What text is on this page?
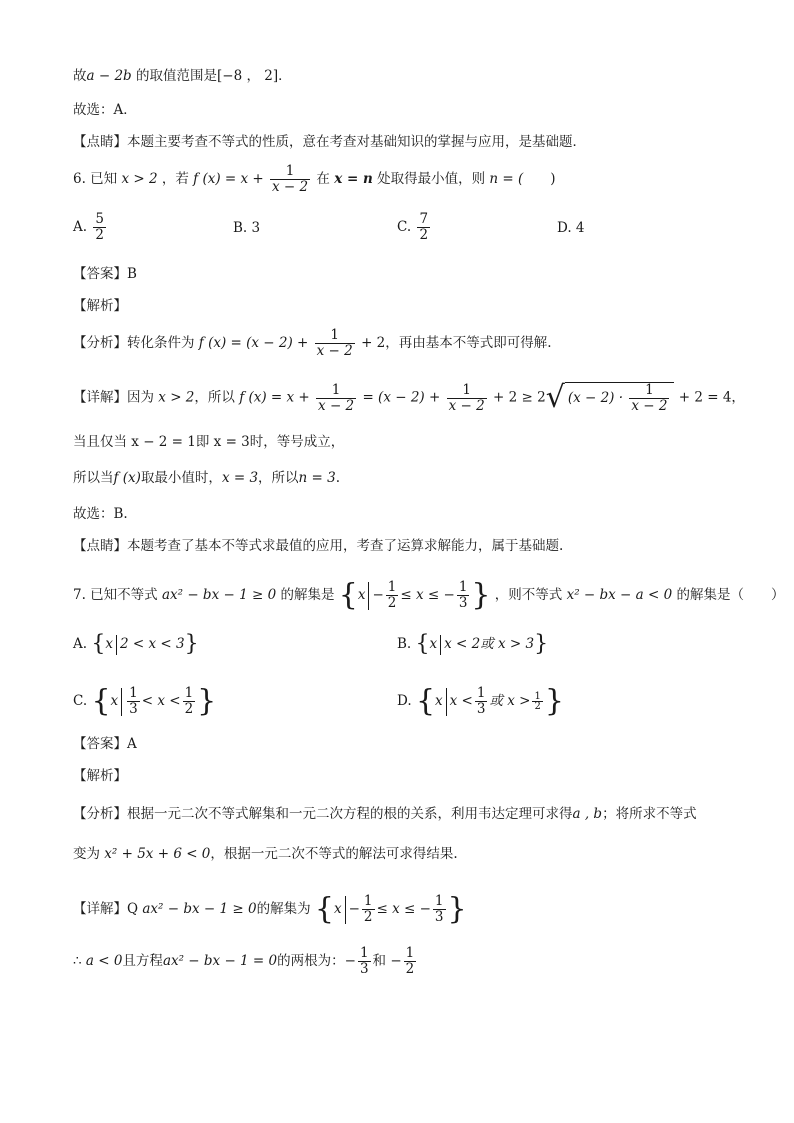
故a − 2b 的取值范围是[−8 ， 2]．
故选：A．
【点睛】本题主要考查不等式的性质，意在考查对基础知识的掌握与应用，是基础题．
6. 已知 x > 2 ，若 f $(x) = x + \frac{1}{x - 2}$ 在 x = n 处取得最小值，则 n = (　　)
A. $\frac{5}{2}$	B. 3	C. $\frac{7}{2}$	D. 4
【答案】B
【解析】
【分析】转化条件为 f $(x) = (x - 2) + \frac{1}{x - 2} + 2$，再由基本不等式即可得解.
【详解】因为 x > 2，所以 f $(x) = x + \frac{1}{x - 2} = (x - 2) + \frac{1}{x - 2} + 2 \ge 2√$ $(x - 2) \cdot \frac{1}{x - 2} + 2 = 4$，
当且仅当 x − 2 = 1即 x = 3时，等号成立，
所以当f (x)取最小值时，x = 3，所以n = 3.
故选：B.
【点睛】本题考查了基本不等式求最值的应用，考查了运算求解能力，属于基础题.
7. 已知不等式 ax² − bx − 1 ≥ 0 的解集是 {$x - \frac{1}{2} \le x$ ≤ − $\frac{1}{3}$ } ，则不等式 x² − bx − a < 0 的解集是（　　）
A. {x 2 < x < 3}	B. {x x < 2或 x > 3}
C. {$x \frac{1}{3} < x < \frac{1}{2}$ }	D. {x $x < \frac{1}{3}$ 或 $x > \frac{1}{2}$ }
【答案】A
【解析】
【分析】根据一元二次不等式解集和一元二次方程的根的关系，利用韦达定理可求得a , b；将所求不等式
变为 x² + 5x + 6 < 0，根据一元二次不等式的解法可求得结果.
【详解】Q ax² − bx − 1 ≥ 0的解集为 {$x - \frac{1}{2} \le x$ ≤ − $\frac{1}{3}$ }
∴ a < 0且方程ax² − bx − 1 = 0的两根为：− $\frac{1}{3}$ 和 − $\frac{1}{2}$
